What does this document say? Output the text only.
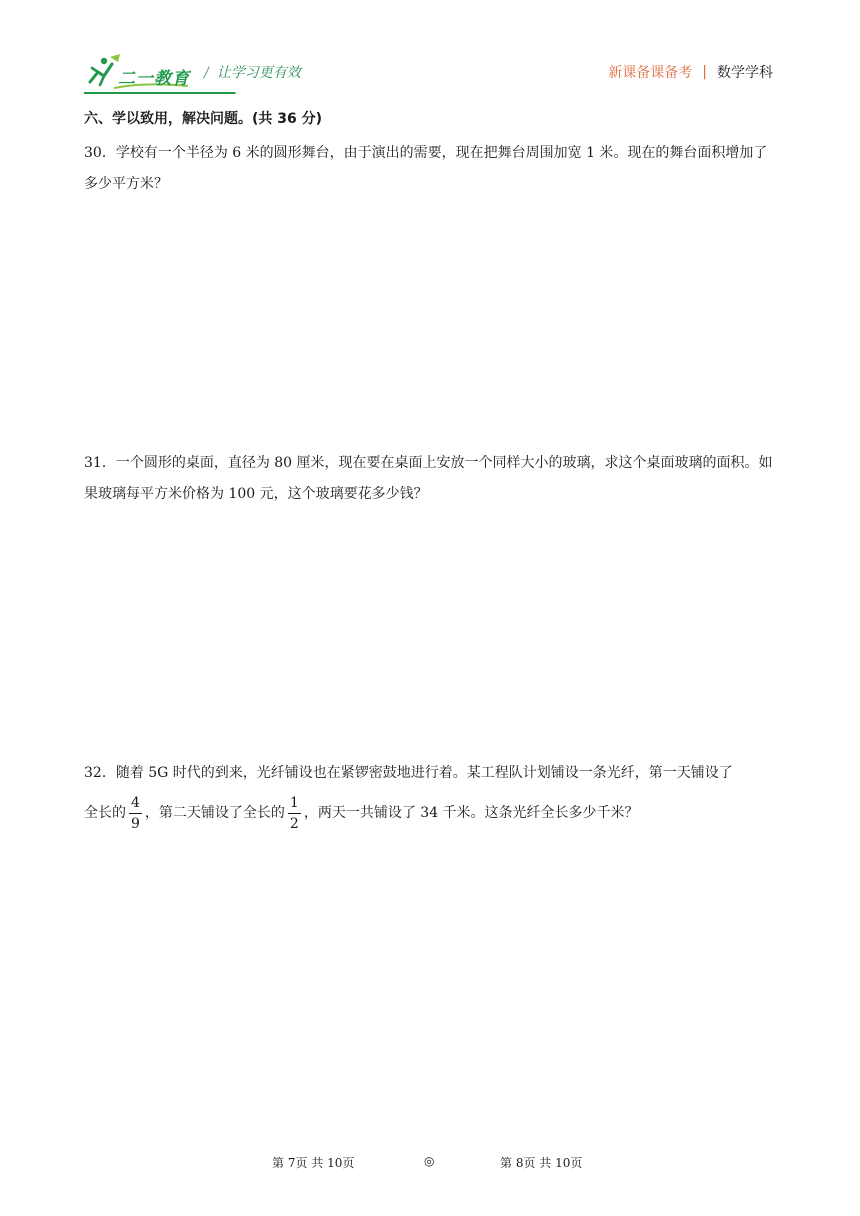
二一教育 / 让学习更有效	新课备课备考 | 数学学科
六、学以致用，解决问题。(共 36 分)
30．学校有一个半径为 6 米的圆形舞台，由于演出的需要，现在把舞台周围加宽 1 米。现在的舞台面积增加了多少平方米？
31．一个圆形的桌面，直径为 80 厘米，现在要在桌面上安放一个同样大小的玻璃，求这个桌面玻璃的面积。如果玻璃每平方米价格为 100 元，这个玻璃要花多少钱？
32．随着 5G 时代的到来，光纤铺设也在紧锣密鼓地进行着。某工程队计划铺设一条光纤，第一天铺设了
全长的 $\frac{4}{9}$ ，第二天铺设了全长的 $\frac{1}{2}$ ，两天一共铺设了 34 千米。这条光纤全长多少千米？
第 7页 共 10页	◎	第 8页 共 10页
